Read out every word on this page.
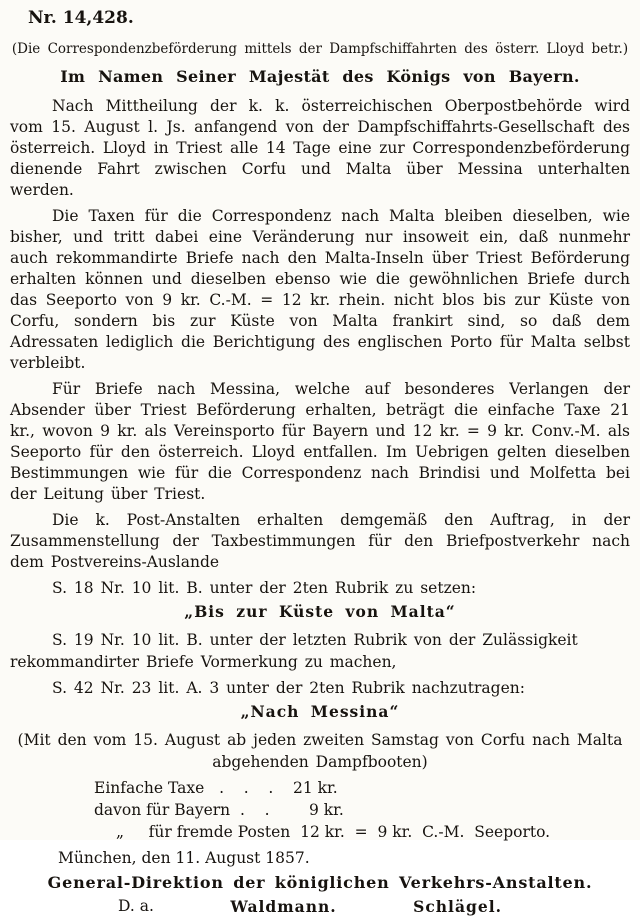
Nr. 14,428.
(Die Correspondenzbeförderung mittels der Dampfschiffahrten des österr. Lloyd betr.)
Im Namen Seiner Majestät des Königs von Bayern.

Nach Mittheilung der k. k. österreichischen Oberpostbehörde wird vom 15. August l. Js. anfangend von der Dampfschiffahrts-Gesellschaft des österreich. Lloyd in Triest alle 14 Tage eine zur Correspondenzbeförderung dienende Fahrt zwischen Corfu und Malta über Messina unterhalten werden.

Die Taxen für die Correspondenz nach Malta bleiben dieselben, wie bisher, und tritt dabei eine Veränderung nur insoweit ein, daß nunmehr auch rekommandirte Briefe nach den Malta-Inseln über Triest Beförderung erhalten können und dieselben ebenso wie die gewöhnlichen Briefe durch das Seeporto von 9 kr. C.-M. = 12 kr. rhein. nicht blos bis zur Küste von Corfu, sondern bis zur Küste von Malta frankirt sind, so daß dem Adressaten lediglich die Berichtigung des englischen Porto für Malta selbst verbleibt.

Für Briefe nach Messina, welche auf besonderes Verlangen der Absender über Triest Beförderung erhalten, beträgt die einfache Taxe 21 kr., wovon 9 kr. als Vereinsporto für Bayern und 12 kr. = 9 kr. Conv.-M. als Seeporto für den österreich. Lloyd entfallen. Im Uebrigen gelten dieselben Bestimmungen wie für die Correspondenz nach Brindisi und Molfetta bei der Leitung über Triest.

Die k. Post-Anstalten erhalten demgemäß den Auftrag, in der Zusammenstellung der Taxbestimmungen für den Briefpostverkehr nach dem Postvereins-Auslande

S. 18 Nr. 10 lit. B. unter der 2ten Rubrik zu setzen:

„Bis zur Küste von Malta“

S. 19 Nr. 10 lit. B. unter der letzten Rubrik von der Zulässigkeit rekommandirter Briefe Vormerkung zu machen,

S. 42 Nr. 23 lit. A. 3 unter der 2ten Rubrik nachzutragen:

„Nach Messina“

(Mit den vom 15. August ab jeden zweiten Samstag von Corfu nach Malta abgehenden Dampfbooten)

Einfache Taxe   .    .    .    21 kr.
davon für Bayern  .    .        9 kr.
„     für fremde Posten  12 kr.  =  9 kr.  C.-M.  Seeporto.
München, den 11. August 1857.
General-Direktion der königlichen Verkehrs-Anstalten.
D. a.	Waldmann.	Schlägel.
